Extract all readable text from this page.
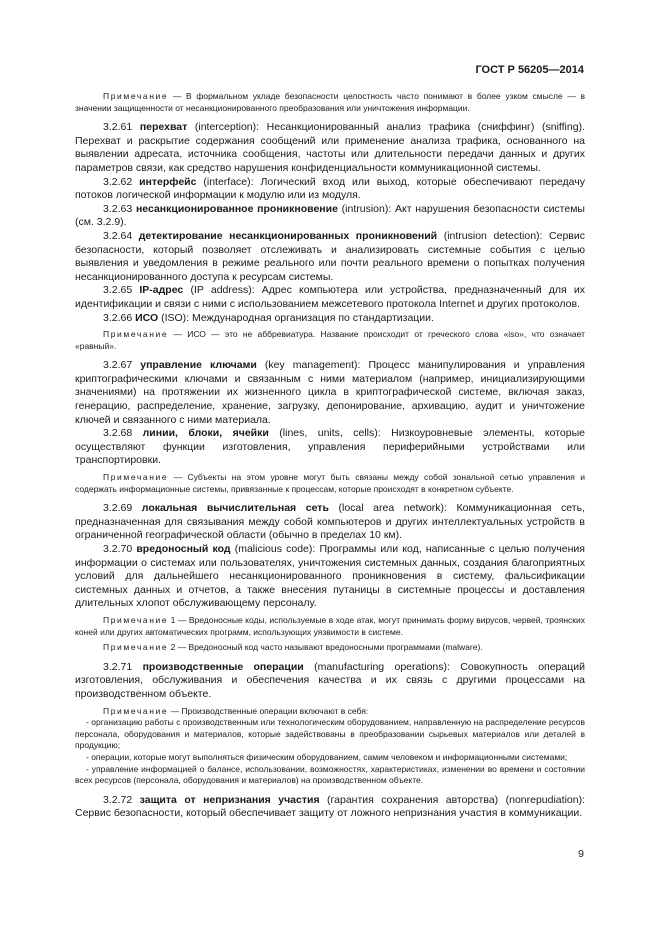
ГОСТ Р 56205—2014

Примечание — В формальном укладе безопасности целостность часто понимают в более узком смысле — в значении защищенности от несанкционированного преобразования или уничтожения информации.

3.2.61 перехват (interception): Несанкционированный анализ трафика (сниффинг) (sniffing). Перехват и раскрытие содержания сообщений или применение анализа трафика, основанного на выявлении адресата, источника сообщения, частоты или длительности передачи данных и других параметров связи, как средство нарушения конфиденциальности коммуникационной системы.

3.2.62 интерфейс (interface): Логический вход или выход, которые обеспечивают передачу потоков логической информации к модулю или из модуля.

3.2.63 несанкционированное проникновение (intrusion): Акт нарушения безопасности системы (см. 3.2.9).

3.2.64 детектирование несанкционированных проникновений (intrusion detection): Сервис безопасности, который позволяет отслеживать и анализировать системные события с целью выявления и уведомления в режиме реального или почти реального времени о попытках получения несанкционированного доступа к ресурсам системы.

3.2.65 IP-адрес (IP address): Адрес компьютера или устройства, предназначенный для их идентификации и связи с ними с использованием межсетевого протокола Internet и других протоколов.

3.2.66 ИСО (ISO): Международная организация по стандартизации.

Примечание — ИСО — это не аббревиатура. Название происходит от греческого слова «iso», что означает «равный».

3.2.67 управление ключами (key management): Процесс манипулирования и управления криптографическими ключами и связанным с ними материалом (например, инициализирующими значениями) на протяжении их жизненного цикла в криптографической системе, включая заказ, генерацию, распределение, хранение, загрузку, депонирование, архивацию, аудит и уничтожение ключей и связанного с ними материала.

3.2.68 линии, блоки, ячейки (lines, units, cells): Низкоуровневые элементы, которые осуществляют функции изготовления, управления периферийными устройствами или транспортировки.

Примечание — Субъекты на этом уровне могут быть связаны между собой зональной сетью управления и содержать информационные системы, привязанные к процессам, которые происходят в конкретном субъекте.

3.2.69 локальная вычислительная сеть (local area network): Коммуникационная сеть, предназначенная для связывания между собой компьютеров и других интеллектуальных устройств в ограниченной географической области (обычно в пределах 10 км).

3.2.70 вредоносный код (malicious code): Программы или код, написанные с целью получения информации о системах или пользователях, уничтожения системных данных, создания благоприятных условий для дальнейшего несанкционированного проникновения в систему, фальсификации системных данных и отчетов, а также внесения путаницы в системные процессы и доставления длительных хлопот обслуживающему персоналу.

Примечание 1 — Вредоносные коды, используемые в ходе атак, могут принимать форму вирусов, червей, троянских коней или других автоматических программ, использующих уязвимости в системе.

Примечание 2 — Вредоносный код часто называют вредоносными программами (malware).

3.2.71 производственные операции (manufacturing operations): Совокупность операций изготовления, обслуживания и обеспечения качества и их связь с другими процессами на производственном объекте.

Примечание — Производственные операции включают в себя:

- организацию работы с производственным или технологическим оборудованием, направленную на распределение ресурсов персонала, оборудования и материалов, которые задействованы в преобразовании сырьевых материалов или деталей в продукцию;

- операции, которые могут выполняться физическим оборудованием, самим человеком и информационными системами;

- управление информацией о балансе, использовании, возможностях, характеристиках, изменении во времени и состоянии всех ресурсов (персонала, оборудования и материалов) на производственном объекте.

3.2.72 защита от непризнания участия (гарантия сохранения авторства) (nonrepudiation): Сервис безопасности, который обеспечивает защиту от ложного непризнания участия в коммуникации.

9
